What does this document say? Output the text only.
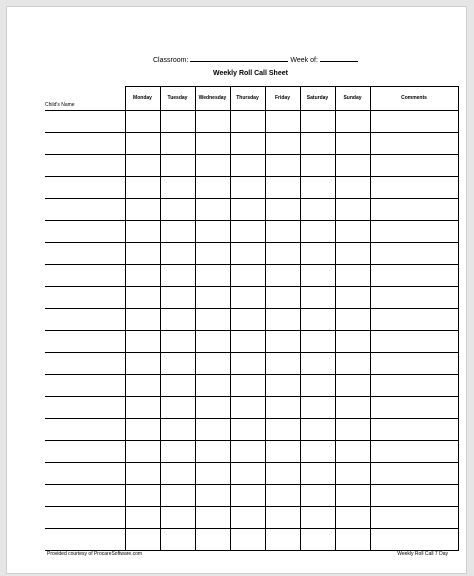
Classroom:	Week of:
Weekly Roll Call Sheet
Child's Name	Monday	Tuesday	Wednesday	Thursday	Friday	Saturday	Sunday	Comments

Provided courtesy of ProcareSoftware.com	Weekly Roll Call 7 Day
